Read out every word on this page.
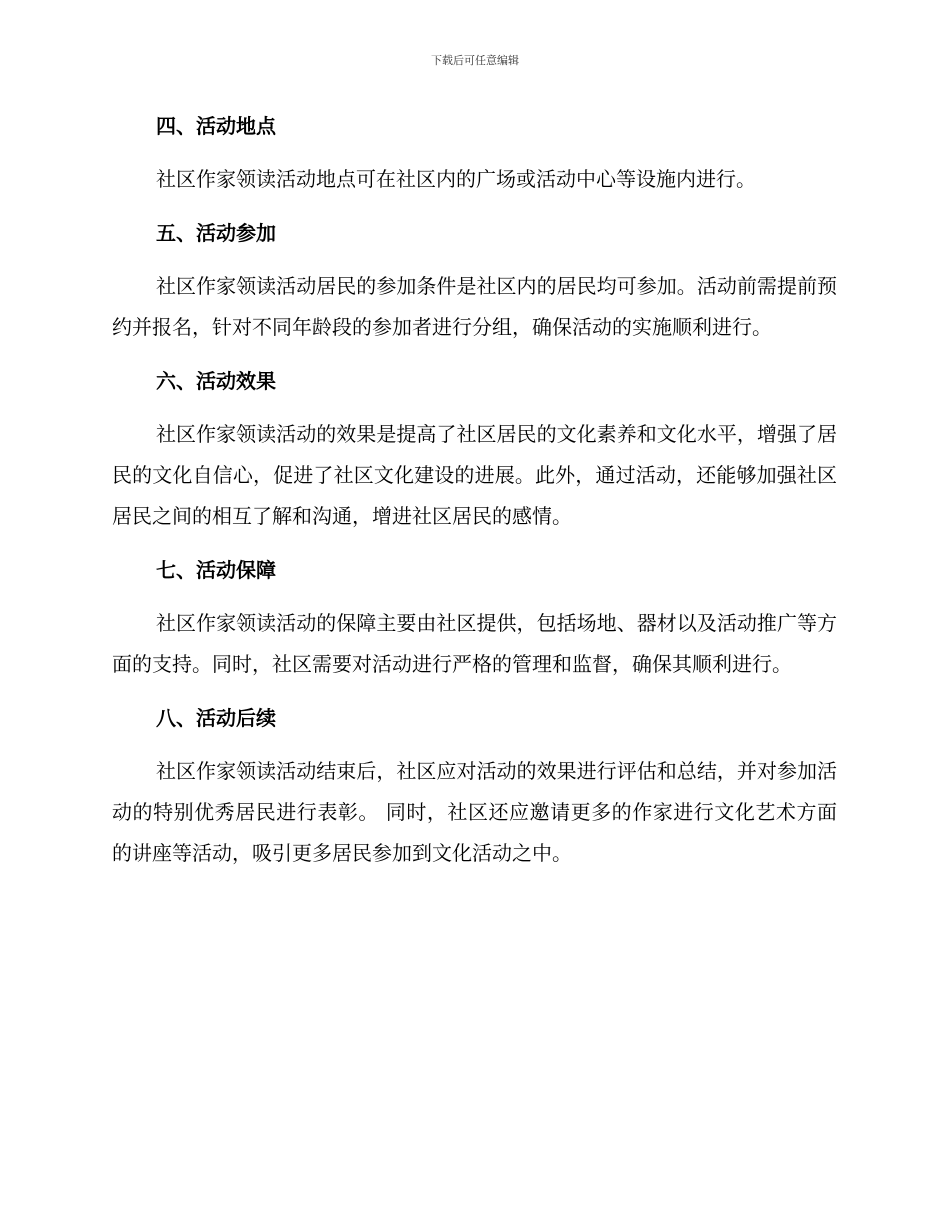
下载后可任意编辑
四、活动地点

社区作家领读活动地点可在社区内的广场或活动中心等设施内进行。

五、活动参加

社区作家领读活动居民的参加条件是社区内的居民均可参加。活动前需提前预约并报名，针对不同年龄段的参加者进行分组，确保活动的实施顺利进行。

六、活动效果

社区作家领读活动的效果是提高了社区居民的文化素养和文化水平，增强了居民的文化自信心，促进了社区文化建设的进展。此外，通过活动，还能够加强社区居民之间的相互了解和沟通，增进社区居民的感情。

七、活动保障

社区作家领读活动的保障主要由社区提供，包括场地、器材以及活动推广等方面的支持。同时，社区需要对活动进行严格的管理和监督，确保其顺利进行。

八、活动后续

社区作家领读活动结束后，社区应对活动的效果进行评估和总结，并对参加活动的特别优秀居民进行表彰。 同时，社区还应邀请更多的作家进行文化艺术方面的讲座等活动，吸引更多居民参加到文化活动之中。
